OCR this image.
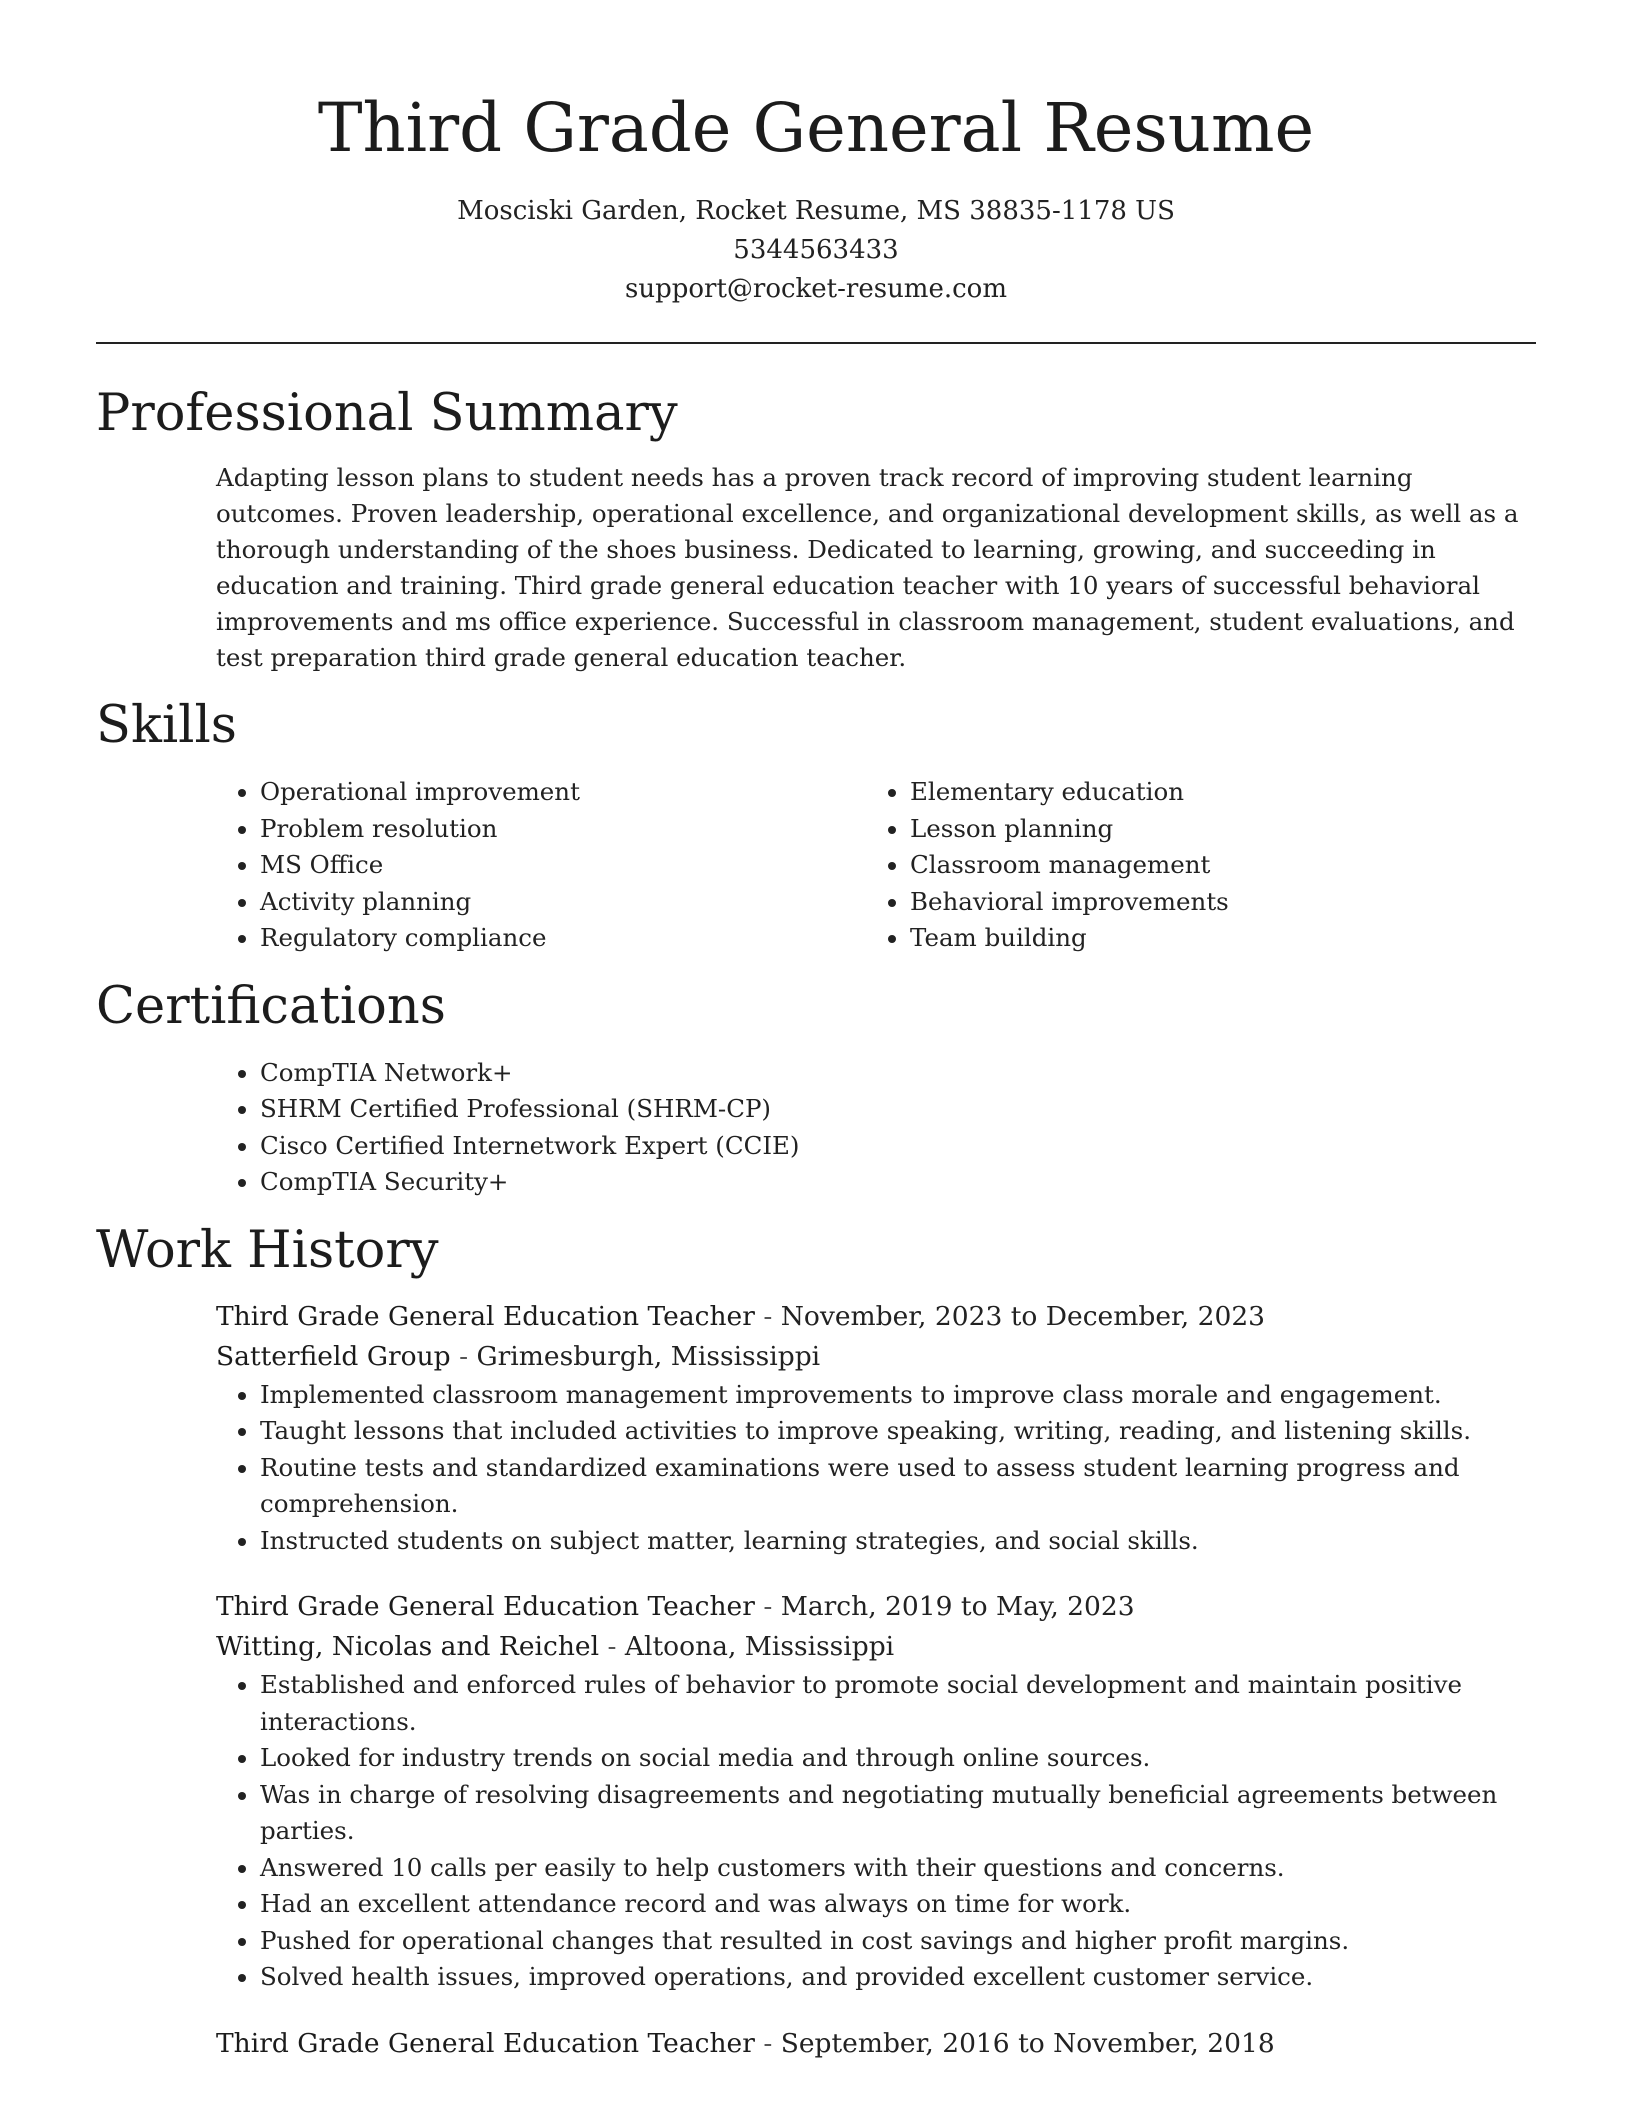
Third Grade General Resume
Mosciski Garden, Rocket Resume, MS 38835-1178 US
5344563433
support@rocket-resume.com
Professional Summary
Adapting lesson plans to student needs has a proven track record of improving student learning outcomes. Proven leadership, operational excellence, and organizational development skills, as well as a thorough understanding of the shoes business. Dedicated to learning, growing, and succeeding in education and training. Third grade general education teacher with 10 years of successful behavioral improvements and ms office experience. Successful in classroom management, student evaluations, and test preparation third grade general education teacher.
Skills
• Operational improvement
• Problem resolution
• MS Office
• Activity planning
• Regulatory compliance
• Elementary education
• Lesson planning
• Classroom management
• Behavioral improvements
• Team building
Certifications
• CompTIA Network+
• SHRM Certified Professional (SHRM-CP)
• Cisco Certified Internetwork Expert (CCIE)
• CompTIA Security+
Work History
Third Grade General Education Teacher - November, 2023 to December, 2023
Satterfield Group - Grimesburgh, Mississippi
• Implemented classroom management improvements to improve class morale and engagement.
• Taught lessons that included activities to improve speaking, writing, reading, and listening skills.
• Routine tests and standardized examinations were used to assess student learning progress and comprehension.
• Instructed students on subject matter, learning strategies, and social skills.
Third Grade General Education Teacher - March, 2019 to May, 2023
Witting, Nicolas and Reichel - Altoona, Mississippi
• Established and enforced rules of behavior to promote social development and maintain positive interactions.
• Looked for industry trends on social media and through online sources.
• Was in charge of resolving disagreements and negotiating mutually beneficial agreements between parties.
• Answered 10 calls per easily to help customers with their questions and concerns.
• Had an excellent attendance record and was always on time for work.
• Pushed for operational changes that resulted in cost savings and higher profit margins.
• Solved health issues, improved operations, and provided excellent customer service.
Third Grade General Education Teacher - September, 2016 to November, 2018
